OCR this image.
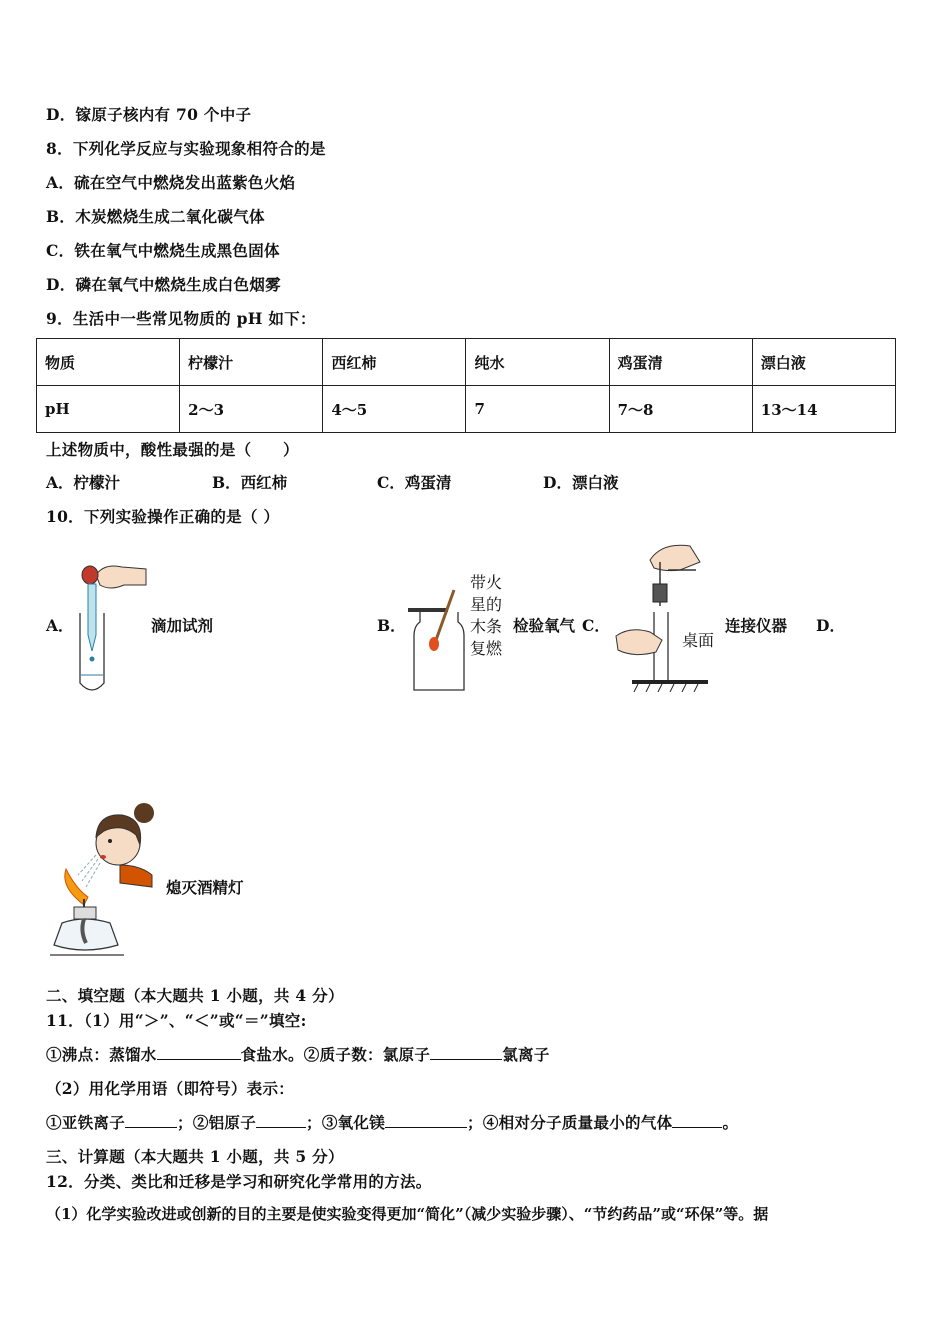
D．镓原子核内有 70 个中子
8．下列化学反应与实验现象相符合的是
A．硫在空气中燃烧发出蓝紫色火焰
B．木炭燃烧生成二氧化碳气体
C．铁在氧气中燃烧生成黑色固体
D．磷在氧气中燃烧生成白色烟雾
9．生活中一些常见物质的 pH 如下：
物质	柠檬汁	西红柿	纯水	鸡蛋清	漂白液
pH	2～3	4～5	7	7～8	13～14
上述物质中，酸性最强的是（　　）
A．柠檬汁	B．西红柿	C．鸡蛋清	D．漂白液
10．下列实验操作正确的是（ ）
A．	滴加试剂	B．
带火
星的
木条
复燃
检验氧气 C．
桌面
连接仪器 D．
熄灭酒精灯
二、填空题（本大题共 1 小题，共 4 分）
11．（1）用“＞”、“＜”或“＝”填空:
①沸点：蒸馏水	食盐水。②质子数：氯原子	氯离子
（2）用化学用语（即符号）表示：
①亚铁离子	；②铝原子	；③氧化镁	；④相对分子质量最小的气体	。
三、计算题（本大题共 1 小题，共 5 分）
12．分类、类比和迁移是学习和研究化学常用的方法。
（1）化学实验改进或创新的目的主要是使实验变得更加“简化”（减少实验步骤）、“节约药品”或“环保”等。据
